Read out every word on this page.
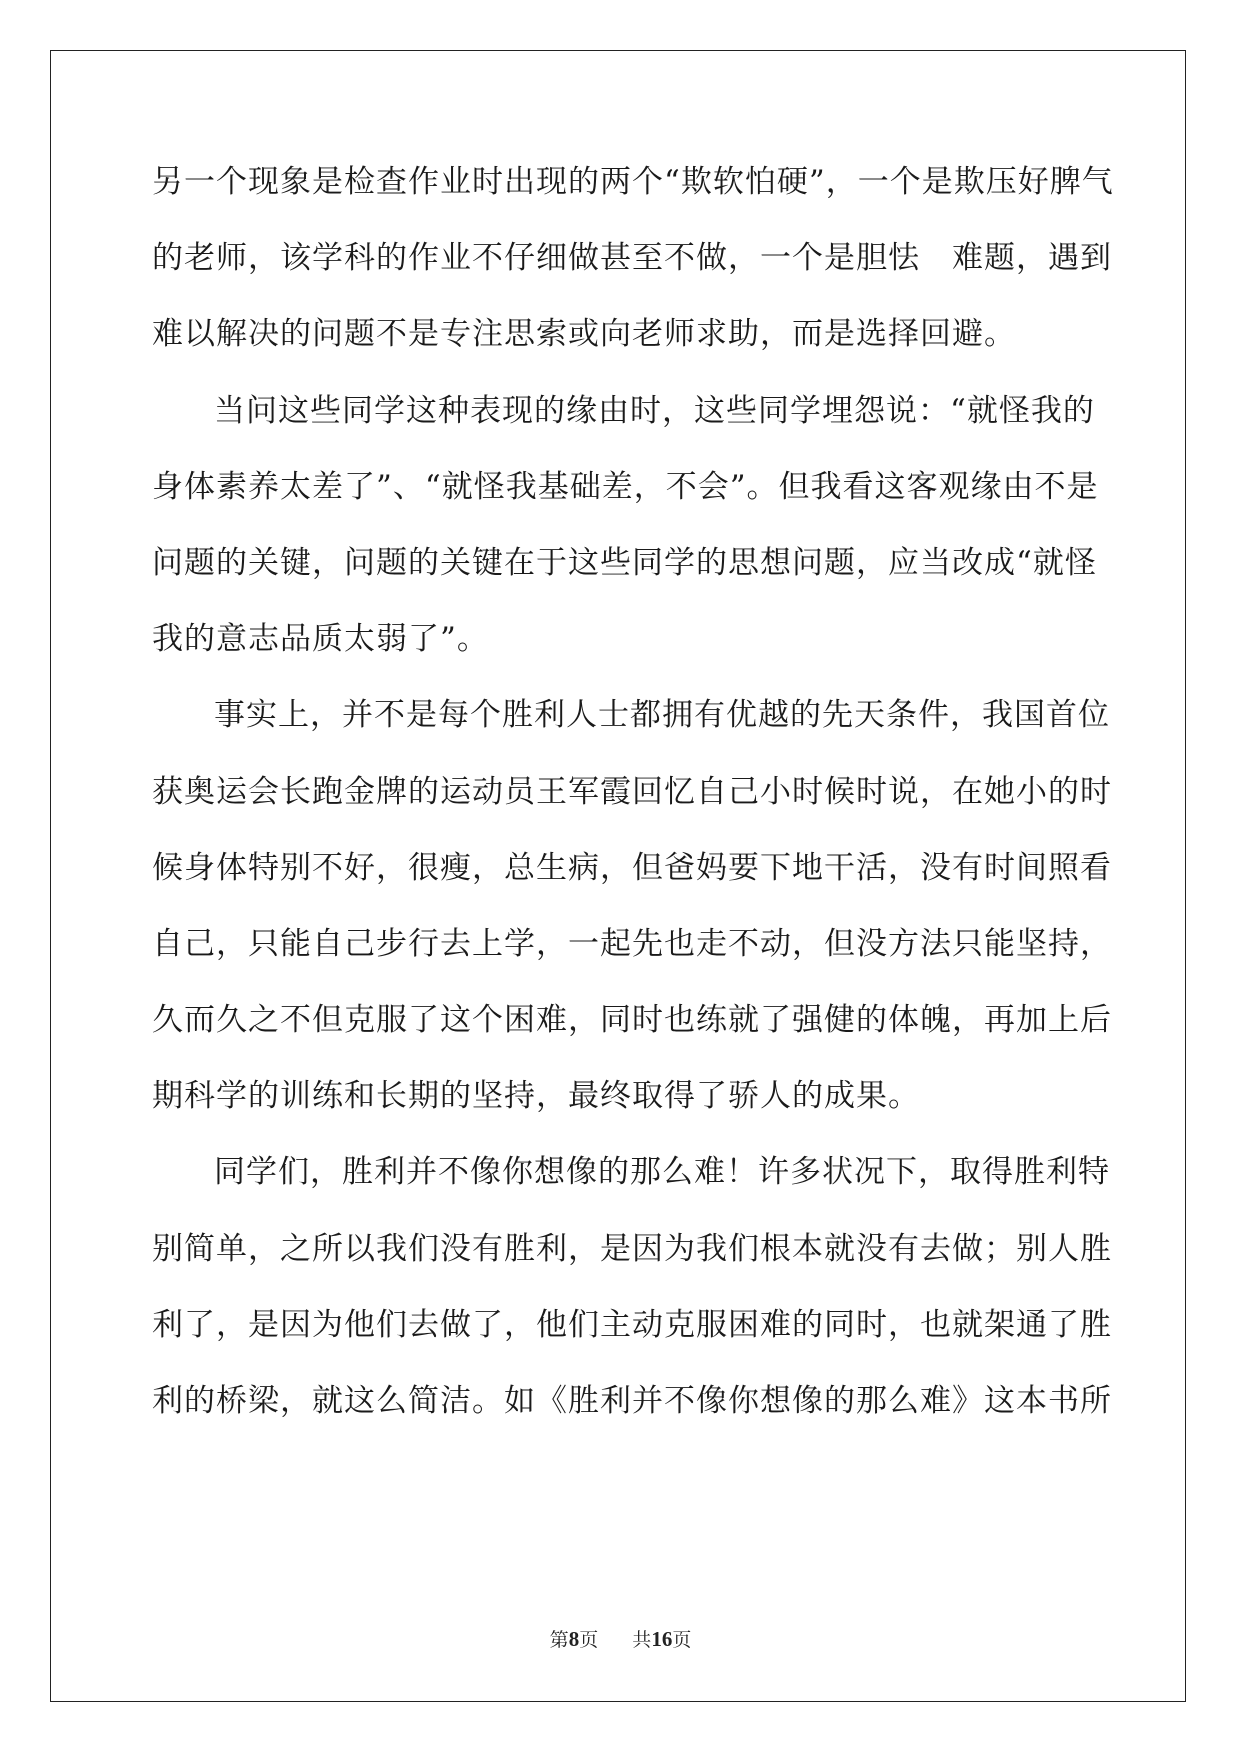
另一个现象是检查作业时出现的两个“欺软怕硬”，一个是欺压好脾气
的老师，该学科的作业不仔细做甚至不做，一个是胆怯　难题，遇到
难以解决的问题不是专注思索或向老师求助，而是选择回避。
当问这些同学这种表现的缘由时，这些同学埋怨说：“就怪我的
身体素养太差了”、“就怪我基础差，不会”。但我看这客观缘由不是
问题的关键，问题的关键在于这些同学的思想问题，应当改成“就怪
我的意志品质太弱了”。
事实上，并不是每个胜利人士都拥有优越的先天条件，我国首位
获奥运会长跑金牌的运动员王军霞回忆自己小时候时说，在她小的时
候身体特别不好，很瘦，总生病，但爸妈要下地干活，没有时间照看
自己，只能自己步行去上学，一起先也走不动，但没方法只能坚持，
久而久之不但克服了这个困难，同时也练就了强健的体魄，再加上后
期科学的训练和长期的坚持，最终取得了骄人的成果。
同学们，胜利并不像你想像的那么难！许多状况下，取得胜利特
别简单，之所以我们没有胜利，是因为我们根本就没有去做；别人胜
利了，是因为他们去做了，他们主动克服困难的同时，也就架通了胜
利的桥梁，就这么简洁。如《胜利并不像你想像的那么难》这本书所
第8页 共16页
